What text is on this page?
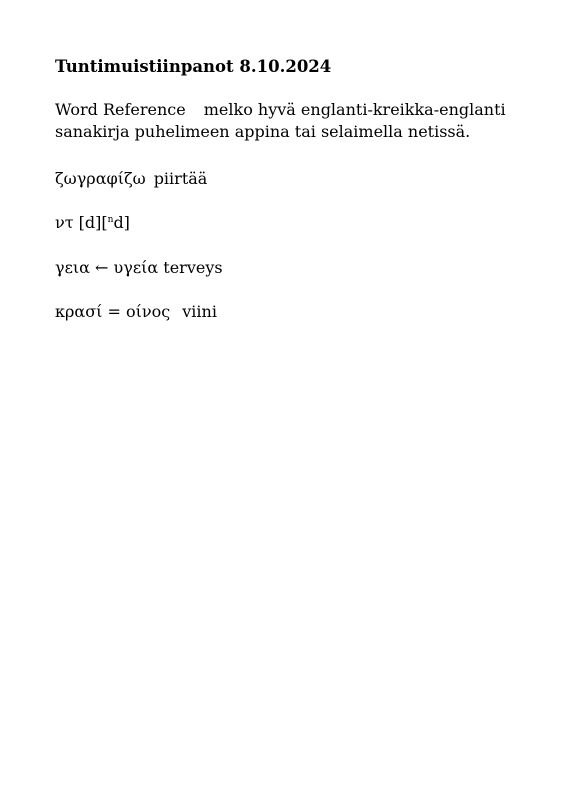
Tuntimuistiinpanot 8.10.2024
Word Reference melko hyvä englanti-kreikka-englanti
sanakirja puhelimeen appina tai selaimella netissä.
ζωγραφίζω piirtää
ντ [d][$^n$d]
γεια ← υγεία terveys
κρασί = οίνος viini
